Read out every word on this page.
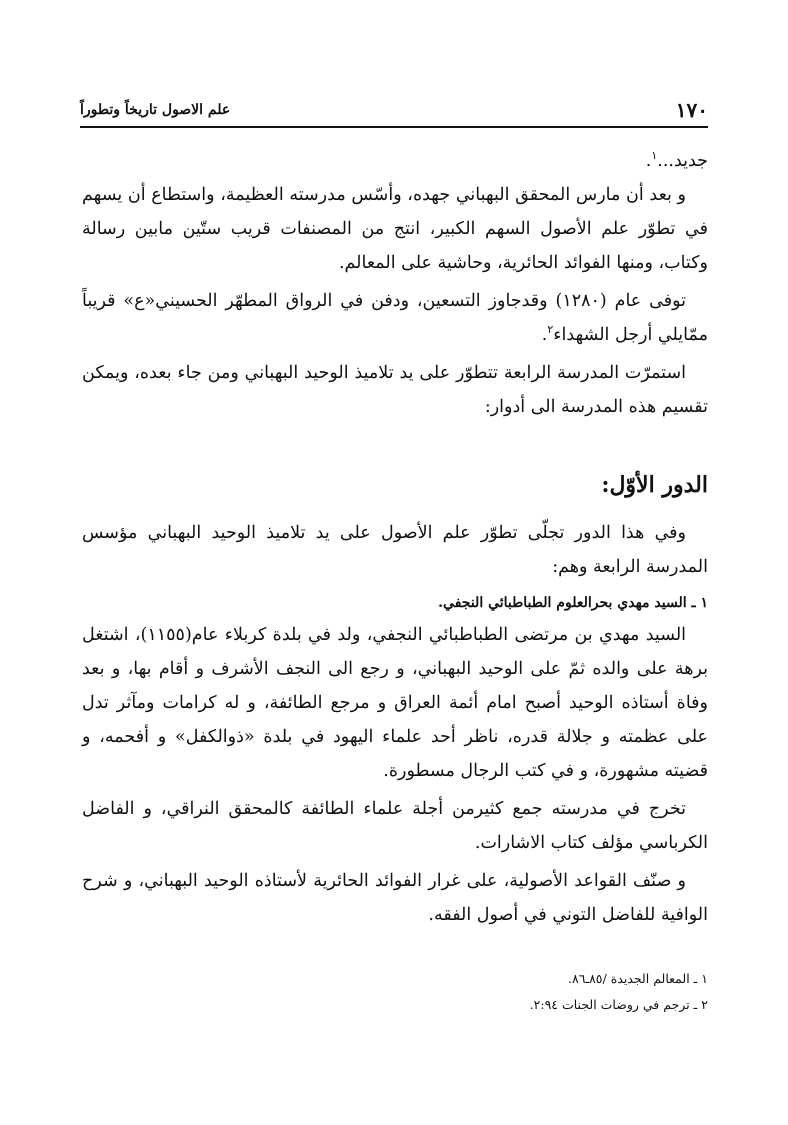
١٧٠
علم الاصول تاريخاً وتطوراً

جديد...$^١$.

و بعد أن مارس المحقق البهباني جهده، وأسّس مدرسته العظيمة، واستطاع أن يسهم في تطوّر علم الأصول السهم الكبير، انتج من المصنفات قريب ستّين مابين رسالة وكتاب، ومنها الفوائد الحائرية، وحاشية على المعالم.

توفى عام (١٢٨٠) وقدجاوز التسعين، ودفن في الرواق المطهّر الحسيني«ع» قريباً ممّايلي أرجل الشهداء$^٢$.

استمرّت المدرسة الرابعة تتطوّر على يد تلاميذ الوحيد البهباني ومن جاء بعده، ويمكن تقسيم هذه المدرسة الى أدوار:

الدور الأوّل:

وفي هذا الدور تجلّى تطوّر علم الأصول على يد تلاميذ الوحيد البهباني مؤسس المدرسة الرابعة وهم:

١ ـ السيد مهدي بحرالعلوم الطباطبائي النجفي.

السيد مهدي بن مرتضى الطباطبائي النجفي، ولد في بلدة كربلاء عام(١١٥٥)، اشتغل برهة على والده ثمّ على الوحيد البهباني، و رجع الى النجف الأشرف و أقام بها، و بعد وفاة أستاذه الوحيد أصبح امام أئمة العراق و مرجع الطائفة، و له كرامات ومآثر تدل على عظمته و جلالة قدره، ناظر أحد علماء اليهود في بلدة «ذوالكفل» و أفحمه، و قضيته مشهورة، و في كتب الرجال مسطورة.

تخرج في مدرسته جمع كثيرمن أجلة علماء الطائفة كالمحقق النراقي، و الفاضل الكرباسي مؤلف كتاب الاشارات.

و صنّف القواعد الأصولية، على غرار الفوائد الحائرية لأستاذه الوحيد البهباني، و شرح الوافية للفاضل التوني في أصول الفقه.

١ ـ المعالم الجديدة /٨٥ـ٨٦.

٢ ـ ترجم في روضات الجنات ٢:٩٤.
